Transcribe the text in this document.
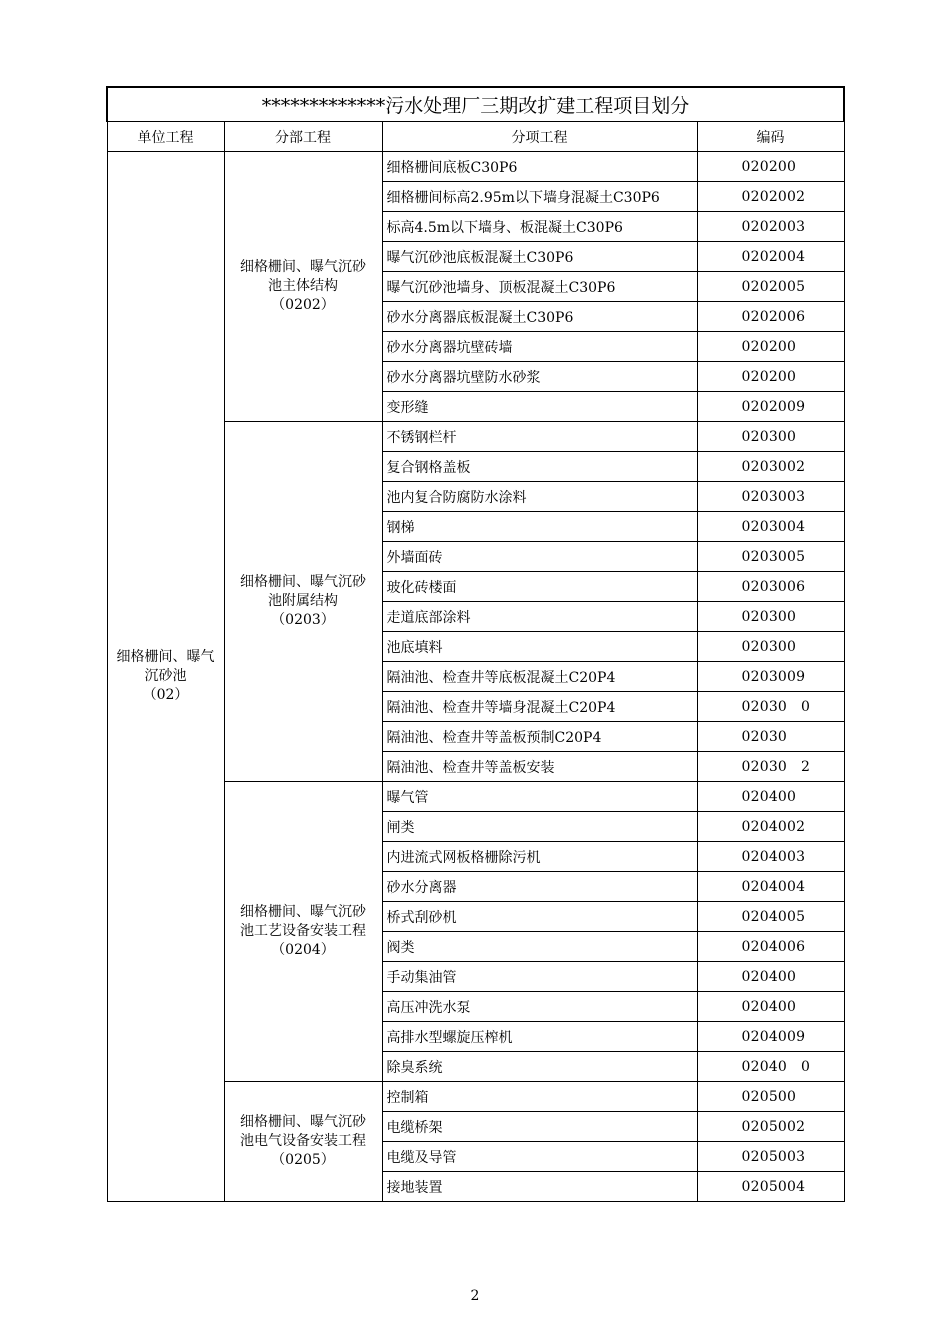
*************污水处理厂三期改扩建工程项目划分			
单位工程	分部工程	分项工程	编码

细格栅间、曝气
沉砂池
（02）	细格栅间、曝气沉砂
池主体结构
（0202）	细格栅间底板C30P6	020200
		细格栅间标高2.95m以下墙身混凝土C30P6	0202002
		标高4.5m以下墙身、板混凝土C30P6	0202003
		曝气沉砂池底板混凝土C30P6	0202004
		曝气沉砂池墙身、顶板混凝土C30P6	0202005
		砂水分离器底板混凝土C30P6	0202006
		砂水分离器坑壁砖墙	020200
		砂水分离器坑壁防水砂浆	020200
		变形缝	0202009

	细格栅间、曝气沉砂
池附属结构
（0203）	不锈钢栏杆	020300
		复合钢格盖板	0203002
		池内复合防腐防水涂料	0203003
		钢梯	0203004
		外墙面砖	0203005
		玻化砖楼面	0203006
		走道底部涂料	020300
		池底填料	020300
		隔油池、检查井等底板混凝土C20P4	0203009
		隔油池、检查井等墙身混凝土C20P4	02030   0
		隔油池、检查井等盖板预制C20P4	02030
		隔油池、检查井等盖板安装	02030   2

	细格栅间、曝气沉砂
池工艺设备安装工程
（0204）	曝气管	020400
		闸类	0204002
		内进流式网板格栅除污机	0204003
		砂水分离器	0204004
		桥式刮砂机	0204005
		阀类	0204006
		手动集油管	020400
		高压冲洗水泵	020400
		高排水型螺旋压榨机	0204009
		除臭系统	02040   0

	细格栅间、曝气沉砂
池电气设备安装工程
（0205）	控制箱	020500
		电缆桥架	0205002
		电缆及导管	0205003
		接地装置	0205004
2
